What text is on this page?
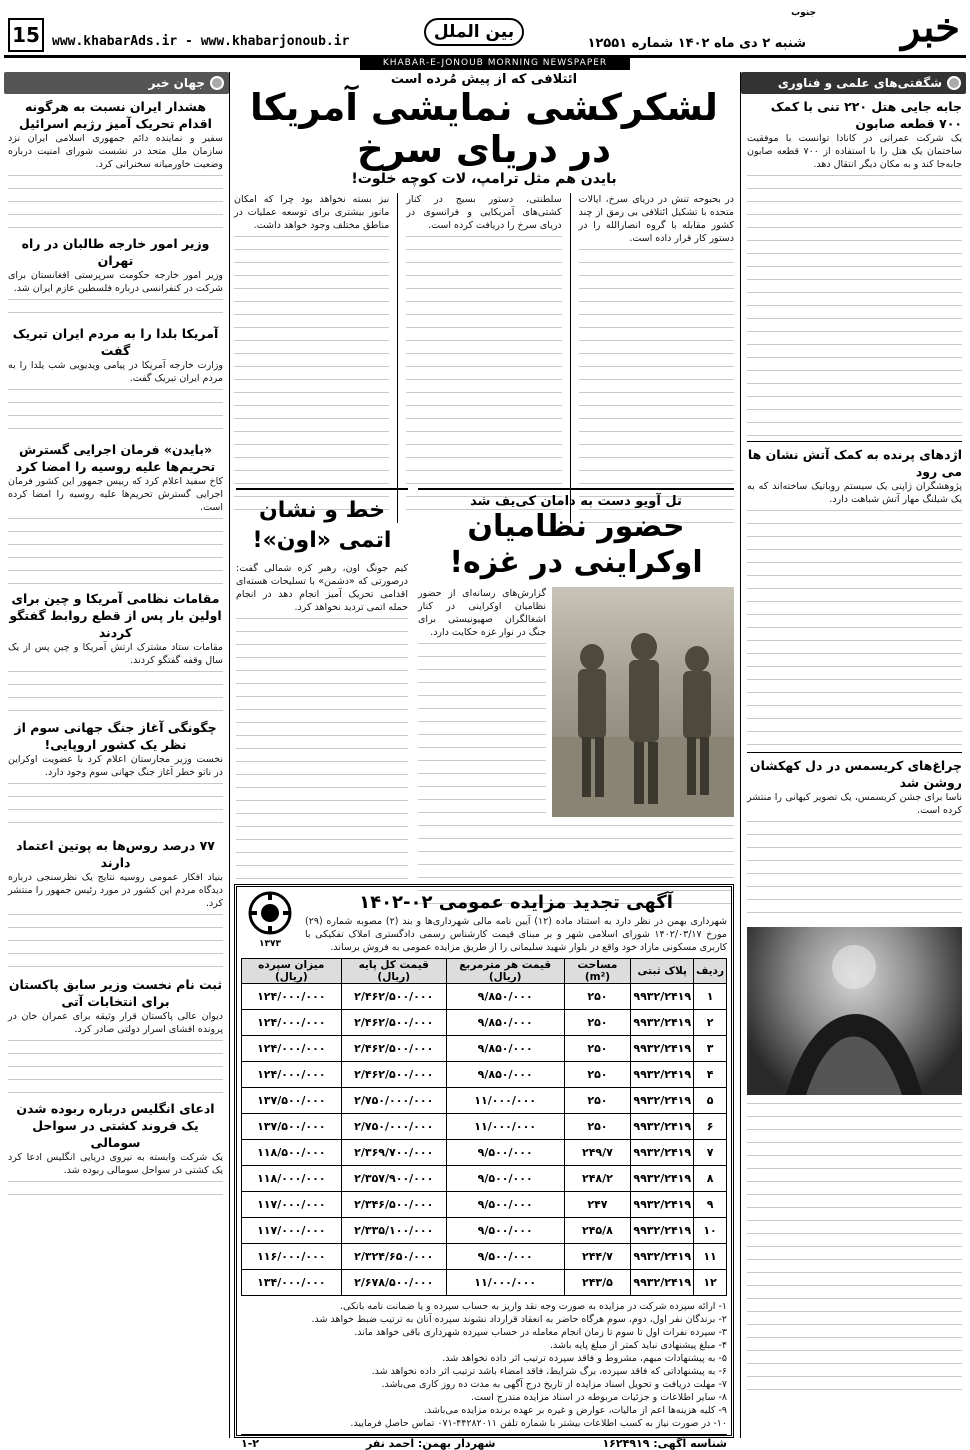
خبر
جنوب
شنبه ۲ دی ماه ۱۴۰۲ شماره ۱۲۵۵۱
بین الملل
www.khabarAds.ir - www.khabarjonoub.ir
15
KHABAR-E-JONOUB MORNING NEWSPAPER
شگفتی‌های علمی و فناوری
جابه جایی هتل ۲۲۰ تنی با کمک ۷۰۰ قطعه صابون
یک شرکت عمرانی در کانادا توانست با موفقیت ساختمان یک هتل را با استفاده از ۷۰۰ قطعه صابون جابه‌جا کند و به مکان دیگر انتقال دهد.
اژدهای پرنده به کمک آتش نشان ها می رود
پژوهشگران ژاپنی یک سیستم روباتیک ساخته‌اند که به یک شیلنگ مهار آتش شباهت دارد.
چراغ‌های کریسمس در دل کهکشان روشن شد
ناسا برای جشن کریسمس، یک تصویر کیهانی را منتشر کرده است.
ائتلافی که از پیش مُرده است
لشکرکشی نمایشی آمریکا در دریای سرخ
بایدن هم مثل ترامپ، لات کوچه خلوت!
در بحبوحه تنش در دریای سرخ، ایالات متحده با تشکیل ائتلافی بی رمق از چند کشور مقابله با گروه انصارالله را در دستور کار قرار داده است.
سلطنتی، دستور بسیج در کنار کشتی‌های آمریکایی و فرانسوی در دریای سرخ را دریافت کرده است.
نیز بسته نخواهد بود چرا که امکان مانور بیشتری برای توسعه عملیات در مناطق مختلف وجود خواهد داشت.
تل آویو دست به دامان کی‌یف شد
حضور نظامیان اوکراینی در غزه!
گزارش‌های رسانه‌ای از حضور نظامیان اوکراینی در کنار اشغالگران صهیونیستی برای جنگ در نوار غزه حکایت دارد.
خط و نشان اتمی «اون»!
کیم جونگ اون، رهبر کره شمالی گفت: درصورتی که «دشمن» با تسلیحات هسته‌ای اقدامی تحریک آمیز انجام دهد در انجام حمله اتمی تردید نخواهد کرد.
آگهی تجدید مزایده عمومی ۰۲-۱۴۰۲
شهرداری بهمن در نظر دارد به استناد ماده (۱۲) آیین نامه مالی شهرداری‌ها و بند (۲) مصوبه شماره (۲۹) مورخ ۱۴۰۲/۰۳/۱۷ شورای اسلامی شهر و بر مبنای قیمت کارشناس رسمی دادگستری املاک تفکیکی با کاربری مسکونی مازاد خود واقع در بلوار شهید سلیمانی را از طریق مزایده عمومی به فروش برساند.
۱۳۷۳
ردیف	پلاک ثبتی	مساحت (m²)	قیمت هر مترمربع (ریال)	قیمت کل پایه (ریال)	میزان سپرده (ریال)
۱	۹۹۳۲/۲۴۱۹	۲۵۰	۹/۸۵۰/۰۰۰	۲/۴۶۲/۵۰۰/۰۰۰	۱۲۴/۰۰۰/۰۰۰
۲	۹۹۳۲/۲۴۱۹	۲۵۰	۹/۸۵۰/۰۰۰	۲/۴۶۲/۵۰۰/۰۰۰	۱۲۴/۰۰۰/۰۰۰
۳	۹۹۳۲/۲۴۱۹	۲۵۰	۹/۸۵۰/۰۰۰	۲/۴۶۲/۵۰۰/۰۰۰	۱۲۴/۰۰۰/۰۰۰
۴	۹۹۳۲/۲۴۱۹	۲۵۰	۹/۸۵۰/۰۰۰	۲/۴۶۲/۵۰۰/۰۰۰	۱۲۴/۰۰۰/۰۰۰
۵	۹۹۳۲/۲۴۱۹	۲۵۰	۱۱/۰۰۰/۰۰۰	۲/۷۵۰/۰۰۰/۰۰۰	۱۳۷/۵۰۰/۰۰۰
۶	۹۹۳۲/۲۴۱۹	۲۵۰	۱۱/۰۰۰/۰۰۰	۲/۷۵۰/۰۰۰/۰۰۰	۱۳۷/۵۰۰/۰۰۰
۷	۹۹۳۲/۲۴۱۹	۲۴۹/۷	۹/۵۰۰/۰۰۰	۲/۳۶۹/۷۰۰/۰۰۰	۱۱۸/۵۰۰/۰۰۰
۸	۹۹۳۲/۲۴۱۹	۲۴۸/۲	۹/۵۰۰/۰۰۰	۲/۳۵۷/۹۰۰/۰۰۰	۱۱۸/۰۰۰/۰۰۰
۹	۹۹۳۲/۲۴۱۹	۲۴۷	۹/۵۰۰/۰۰۰	۲/۳۴۶/۵۰۰/۰۰۰	۱۱۷/۰۰۰/۰۰۰
۱۰	۹۹۳۲/۲۴۱۹	۲۴۵/۸	۹/۵۰۰/۰۰۰	۲/۳۳۵/۱۰۰/۰۰۰	۱۱۷/۰۰۰/۰۰۰
۱۱	۹۹۳۲/۲۴۱۹	۲۴۴/۷	۹/۵۰۰/۰۰۰	۲/۳۲۴/۶۵۰/۰۰۰	۱۱۶/۰۰۰/۰۰۰
۱۲	۹۹۳۲/۲۴۱۹	۲۴۳/۵	۱۱/۰۰۰/۰۰۰	۲/۶۷۸/۵۰۰/۰۰۰	۱۳۴/۰۰۰/۰۰۰
۱- ارائه سپرده شرکت در مزایده به صورت وجه نقد واریز به حساب سپرده و یا ضمانت نامه بانکی.
۲- برندگان نفر اول، دوم، سوم هرگاه حاضر به انعقاد قرارداد نشوند سپرده آنان به ترتیب ضبط خواهد شد.
۳- سپرده نفرات اول تا سوم تا زمان انجام معامله در حساب سپرده شهرداری باقی خواهد ماند.
۴- مبلغ پیشنهادی نباید کمتر از مبلغ پایه باشد.
۵- به پیشنهادات مبهم، مشروط و فاقد سپرده ترتیب اثر داده نخواهد شد.
۶- به پیشنهاداتی که فاقد سپرده، برگ شرایط، فاقد امضاء باشد ترتیب اثر داده نخواهد شد.
۷- مهلت دریافت و تحویل اسناد مزایده از تاریخ درج آگهی به مدت ده روز کاری می‌باشد.
۸- سایر اطلاعات و جزئیات مربوطه در اسناد مزایده مندرج است.
۹- کلیه هزینه‌ها اعم از مالیات، عوارض و غیره بر عهده برنده مزایده می‌باشد.
۱۰- در صورت نیاز به کسب اطلاعات بیشتر با شماره تلفن ۴۴۲۸۲۰۱۱-۰۷۱ تماس حاصل فرمایید.
شناسه آگهی: ۱۶۲۴۹۱۹
شهردار بهمن: احمد نفر
۱-۲
جهان خبر
هشدار ایران نسبت به هرگونه اقدام تحریک آمیز رژیم اسرائیل
سفیر و نماینده دائم جمهوری اسلامی ایران نزد سازمان ملل متحد در نشست شورای امنیت درباره وضعیت خاورمیانه سخنرانی کرد.
وزیر امور خارجه طالبان در راه تهران
وزیر امور خارجه حکومت سرپرستی افغانستان برای شرکت در کنفرانسی درباره فلسطین عازم ایران شد.
آمریکا بلدا را به مردم ایران تبریک گفت
وزارت خارجه آمریکا در پیامی ویدیویی شب یلدا را به مردم ایران تبریک گفت.
«بایدن» فرمان اجرایی گسترش تحریم‌ها علیه روسیه را امضا کرد
کاخ سفید اعلام کرد که رییس جمهور این کشور فرمان اجرایی گسترش تحریم‌ها علیه روسیه را امضا کرده است.
مقامات نظامی آمریکا و چین برای اولین بار پس از قطع روابط گفتگو کردند
مقامات ستاد مشترک ارتش آمریکا و چین پس از یک سال وقفه گفتگو کردند.
چگونگی آغاز جنگ جهانی سوم از نظر یک کشور اروپایی!
نخست وزیر مجارستان اعلام کرد با عضویت اوکراین در ناتو خطر آغاز جنگ جهانی سوم وجود دارد.
۷۷ درصد روس‌ها به پوتین اعتماد دارند
بنیاد افکار عمومی روسیه نتایج یک نظرسنجی درباره دیدگاه مردم این کشور در مورد رئیس جمهور را منتشر کرد.
ثبت نام نخست وزیر سابق پاکستان برای انتخابات آتی
دیوان عالی پاکستان قرار وثیقه برای عمران خان در پرونده افشای اسرار دولتی صادر کرد.
ادعای انگلیس درباره ربوده شدن یک فروند کشتی در سواحل سومالی
یک شرکت وابسته به نیروی دریایی انگلیس ادعا کرد یک کشتی در سواحل سومالی ربوده شد.
